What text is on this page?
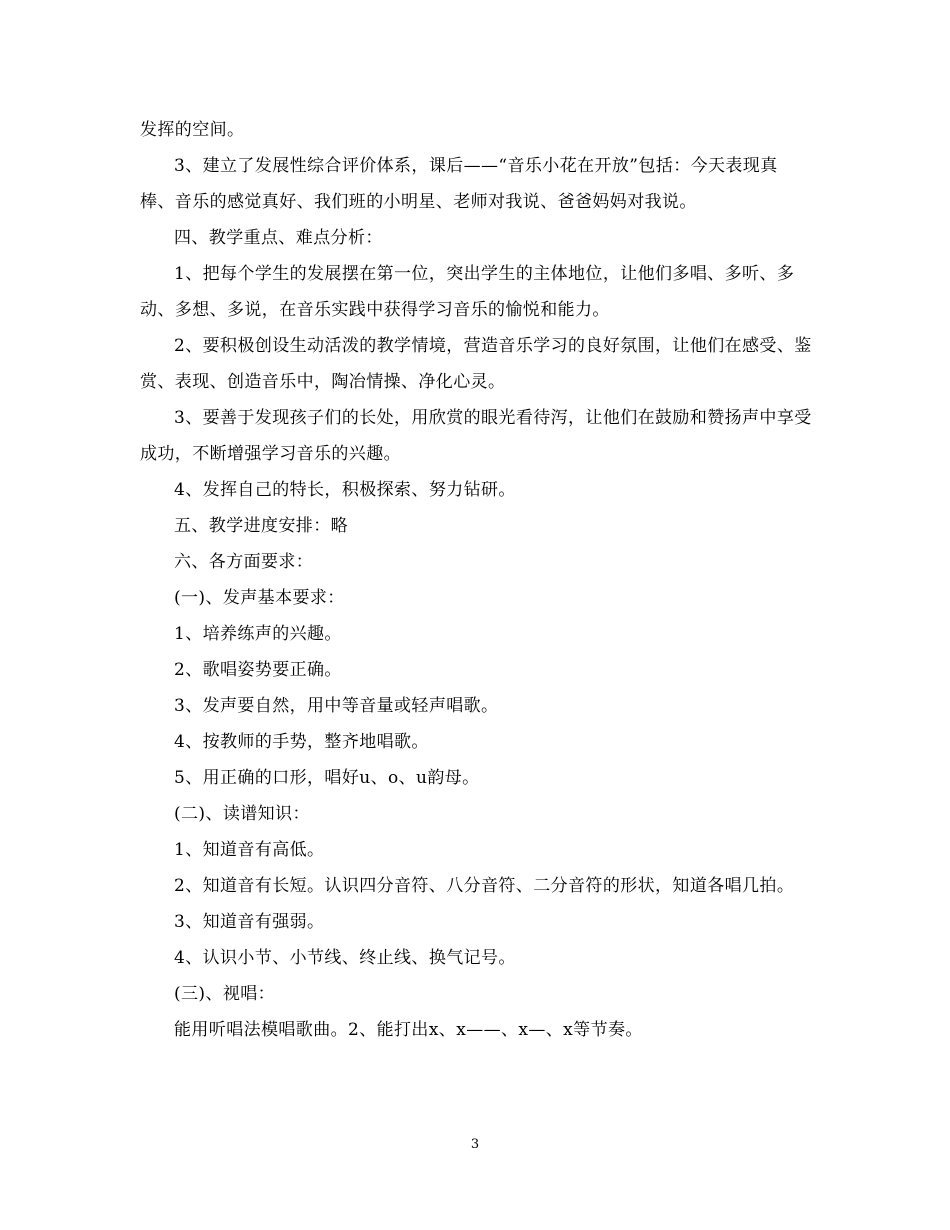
发挥的空间。

3、建立了发展性综合评价体系，课后——“音乐小花在开放”包括：今天表现真棒、音乐的感觉真好、我们班的小明星、老师对我说、爸爸妈妈对我说。

四、教学重点、难点分析：

1、把每个学生的发展摆在第一位，突出学生的主体地位，让他们多唱、多听、多动、多想、多说，在音乐实践中获得学习音乐的愉悦和能力。

2、要积极创设生动活泼的教学情境，营造音乐学习的良好氛围，让他们在感受、鉴赏、表现、创造音乐中，陶冶情操、净化心灵。

3、要善于发现孩子们的长处，用欣赏的眼光看待泻，让他们在鼓励和赞扬声中享受成功，不断增强学习音乐的兴趣。

4、发挥自己的特长，积极探索、努力钻研。

五、教学进度安排：略

六、各方面要求：

(一)、发声基本要求：

1、培养练声的兴趣。

2、歌唱姿势要正确。

3、发声要自然，用中等音量或轻声唱歌。

4、按教师的手势，整齐地唱歌。

5、用正确的口形，唱好u、o、u韵母。

(二)、读谱知识：

1、知道音有高低。

2、知道音有长短。认识四分音符、八分音符、二分音符的形状，知道各唱几拍。

3、知道音有强弱。

4、认识小节、小节线、终止线、换气记号。

(三)、视唱：

能用听唱法模唱歌曲。2、能打出x、x——、x—、x等节奏。

3
